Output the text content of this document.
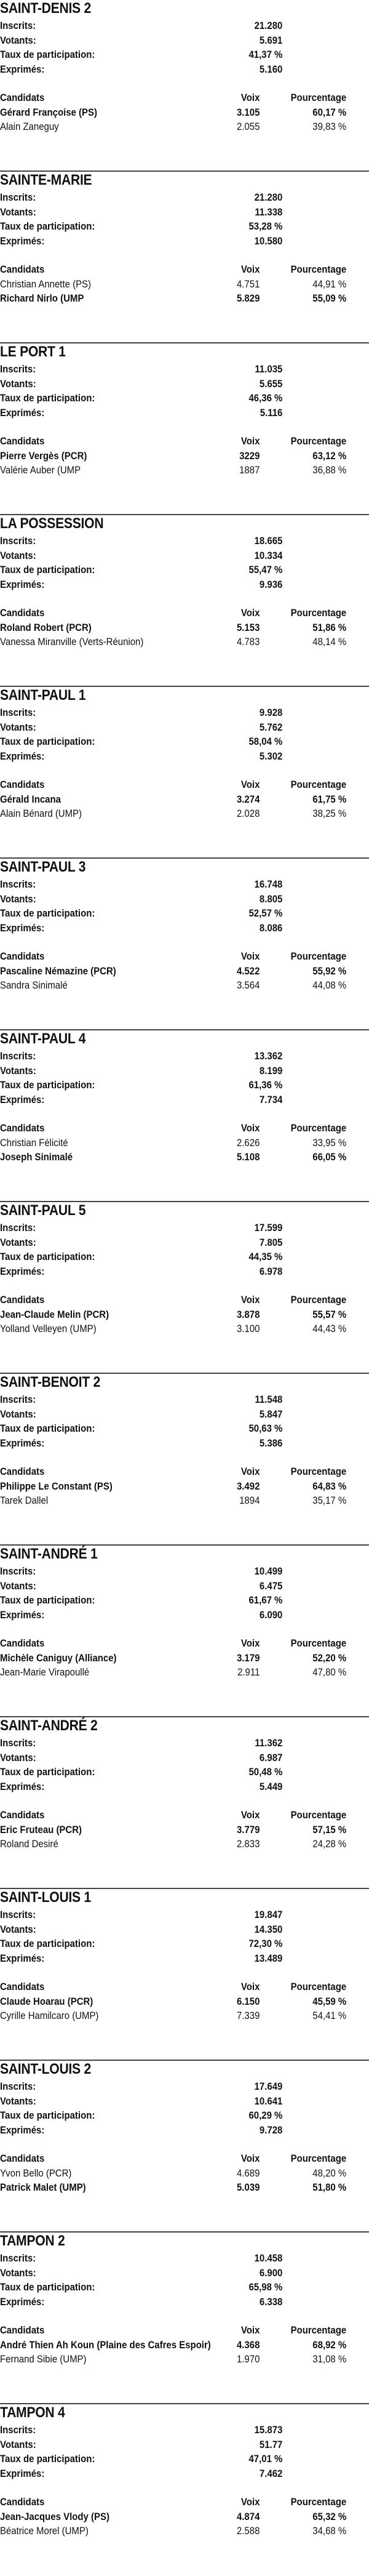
SAINT-DENIS 2
Inscrits:	21.280
Votants:	5.691
Taux de participation:	41,37 %
Exprimés:	5.160
Candidats	Voix	Pourcentage
Gérard Françoise (PS)	3.105	60,17 %
Alain Zaneguy	2.055	39,83 %
SAINTE-MARIE
Inscrits:	21.280
Votants:	11.338
Taux de participation:	53,28 %
Exprimés:	10.580
Candidats	Voix	Pourcentage
Christian Annette (PS)	4.751	44,91 %
Richard Nirlo (UMP	5.829	55,09 %
LE PORT 1
Inscrits:	11.035
Votants:	5.655
Taux de participation:	46,36 %
Exprimés:	5.116
Candidats	Voix	Pourcentage
Pierre Vergès (PCR)	3229	63,12 %
Valérie Auber (UMP	1887	36,88 %
LA POSSESSION
Inscrits:	18.665
Votants:	10.334
Taux de participation:	55,47 %
Exprimés:	9.936
Candidats	Voix	Pourcentage
Roland Robert (PCR)	5.153	51,86 %
Vanessa Miranville (Verts-Réunion)	4.783	48,14 %
SAINT-PAUL 1
Inscrits:	9.928
Votants:	5.762
Taux de participation:	58,04 %
Exprimés:	5.302
Candidats	Voix	Pourcentage
Gérald Incana	3.274	61,75 %
Alain Bénard (UMP)	2.028	38,25 %
SAINT-PAUL 3
Inscrits:	16.748
Votants:	8.805
Taux de participation:	52,57 %
Exprimés:	8.086
Candidats	Voix	Pourcentage
Pascaline Némazine (PCR)	4.522	55,92 %
Sandra Sinimalé	3.564	44,08 %
SAINT-PAUL 4
Inscrits:	13.362
Votants:	8.199
Taux de participation:	61,36 %
Exprimés:	7.734
Candidats	Voix	Pourcentage
Christian Félicité	2.626	33,95 %
Joseph Sinimalé	5.108	66,05 %
SAINT-PAUL 5
Inscrits:	17.599
Votants:	7.805
Taux de participation:	44,35 %
Exprimés:	6.978
Candidats	Voix	Pourcentage
Jean-Claude Melin (PCR)	3.878	55,57 %
Yolland Velleyen (UMP)	3.100	44,43 %
SAINT-BENOIT 2
Inscrits:	11.548
Votants:	5.847
Taux de participation:	50,63 %
Exprimés:	5.386
Candidats	Voix	Pourcentage
Philippe Le Constant (PS)	3.492	64,83 %
Tarek Dallel	1894	35,17 %
SAINT-ANDRÉ 1
Inscrits:	10.499
Votants:	6.475
Taux de participation:	61,67 %
Exprimés:	6.090
Candidats	Voix	Pourcentage
Michèle Caniguy (Alliance)	3.179	52,20 %
Jean-Marie Virapoullé	2.911	47,80 %
SAINT-ANDRÉ 2
Inscrits:	11.362
Votants:	6.987
Taux de participation:	50,48 %
Exprimés:	5.449
Candidats	Voix	Pourcentage
Eric Fruteau (PCR)	3.779	57,15 %
Roland Desiré	2.833	24,28 %
SAINT-LOUIS 1
Inscrits:	19.847
Votants:	14.350
Taux de participation:	72,30 %
Exprimés:	13.489
Candidats	Voix	Pourcentage
Claude Hoarau (PCR)	6.150	45,59 %
Cyrille Hamilcaro (UMP)	7.339	54,41 %
SAINT-LOUIS 2
Inscrits:	17.649
Votants:	10.641
Taux de participation:	60,29 %
Exprimés:	9.728
Candidats	Voix	Pourcentage
Yvon Bello (PCR)	4.689	48,20 %
Patrick Malet (UMP)	5.039	51,80 %
TAMPON 2
Inscrits:	10.458
Votants:	6.900
Taux de participation:	65,98 %
Exprimés:	6.338
Candidats	Voix	Pourcentage
André Thien Ah Koun (Plaine des Cafres Espoir)	4.368	68,92 %
Fernand Sibie (UMP)	1.970	31,08 %
TAMPON 4
Inscrits:	15.873
Votants:	51.77
Taux de participation:	47,01 %
Exprimés:	7.462
Candidats	Voix	Pourcentage
Jean-Jacques Vlody (PS)	4.874	65,32 %
Béatrice Morel (UMP)	2.588	34,68 %
